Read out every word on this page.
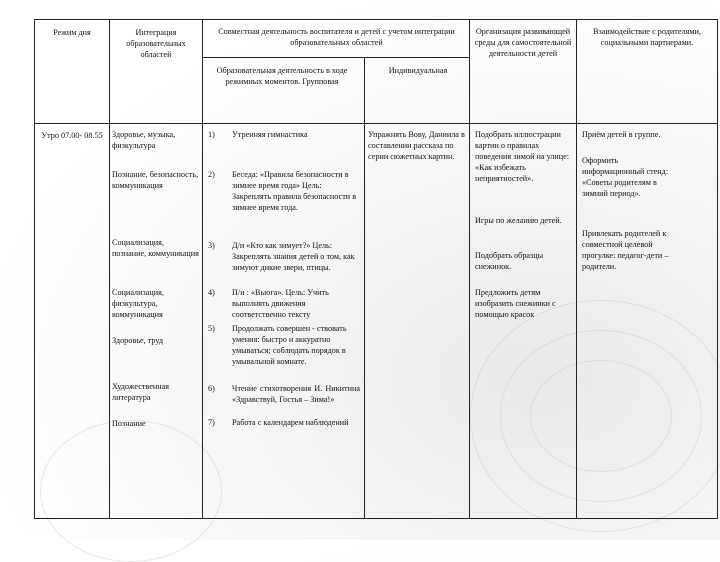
Режим дня	Интеграция образовательных областей
Совместная деятельность воспитателя и детей с учетом интеграции образовательных областей
Образовательная деятельность в ходе режимных моментов. Групповая
Индивидуальная
Организация развивающей среды для самостоятельной деятельности детей
Взаимодействие с родителями, социальными партнерами.
Утро 07.00- 08.55	Здоровье, музыка, физкультура
Познание, безопасность, коммуникация
Социализация, познание, коммуникация
Социализация, физкультура, коммуникация
Здоровье, труд
Художественная литература
Познание
1)
2)
3)
4)
5)
6)
7)
Утренняя гимнастика
Беседа: «Правила безопасности в зимнее время года» Цель: Закреплять правила безопасности в зимнее время года.
Д/и «Кто как зимует?» Цель: Закреплять знания детей о том, как зимуют дикие звери, птицы.
П/и : «Вьюга». Цель: Учить выполнять движения соответственно тексту
Продолжать совершен - ствовать умения: быстро и аккуратно умываться; соблюдать порядок в умывальной комнате.
Чтение стихотворения И. Никитина «Здравствуй, Гостья – Зима!»
Работа с календарем наблюдений
Упражнять Вову, Даниила в составлении рассказа по серии сюжетных картин.
Подобрать иллюстрации картин о правилах поведения зимой на улице: «Как избежать неприятностей».
Игры по желанию детей.
Подобрать образцы снежинок.
Предложить детям изобразить снежинки с помощью красок
Приём детей в группе.
Оформить информационный стенд: «Советы родителям в зимний период».
Привлекать родителей к совместной целевой прогулке: педагог-дети – родители.
